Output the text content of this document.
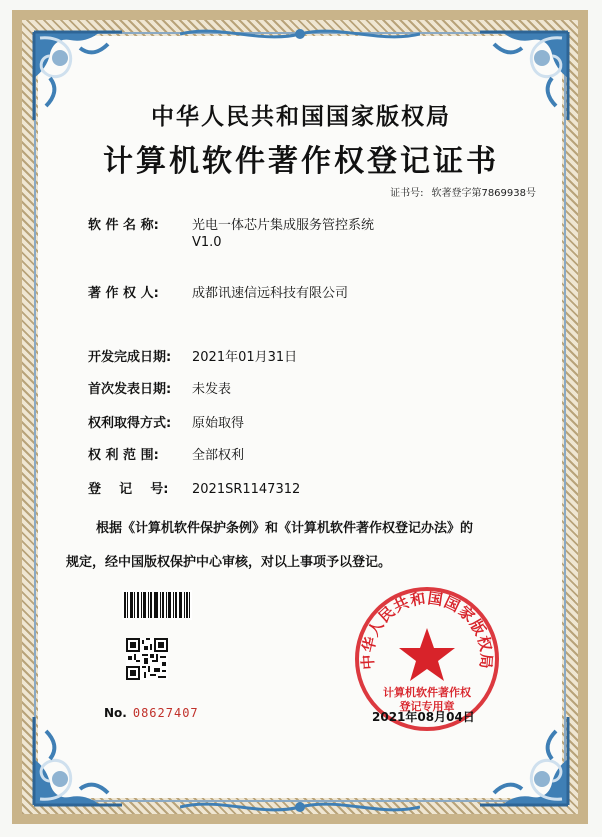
中华人民共和国国家版权局
计算机软件著作权登记证书
证书号: 软著登字第7869938号
软 件 名 称:	光电一体芯片集成服务管控系统
V1.0
著 作 权 人:	成都讯速信远科技有限公司
开发完成日期: 2021年01月31日
首次发表日期: 未发表
权利取得方式: 原始取得
权 利 范 围:	全部权利
登    记    号: 2021SR1147312
根据《计算机软件保护条例》和《计算机软件著作权登记办法》的
规定，经中国版权保护中心审核，对以上事项予以登记。
No. 08627407
中华人民共和国国家版权局
计算机软件著作权
登记专用章
2021年08月04日
